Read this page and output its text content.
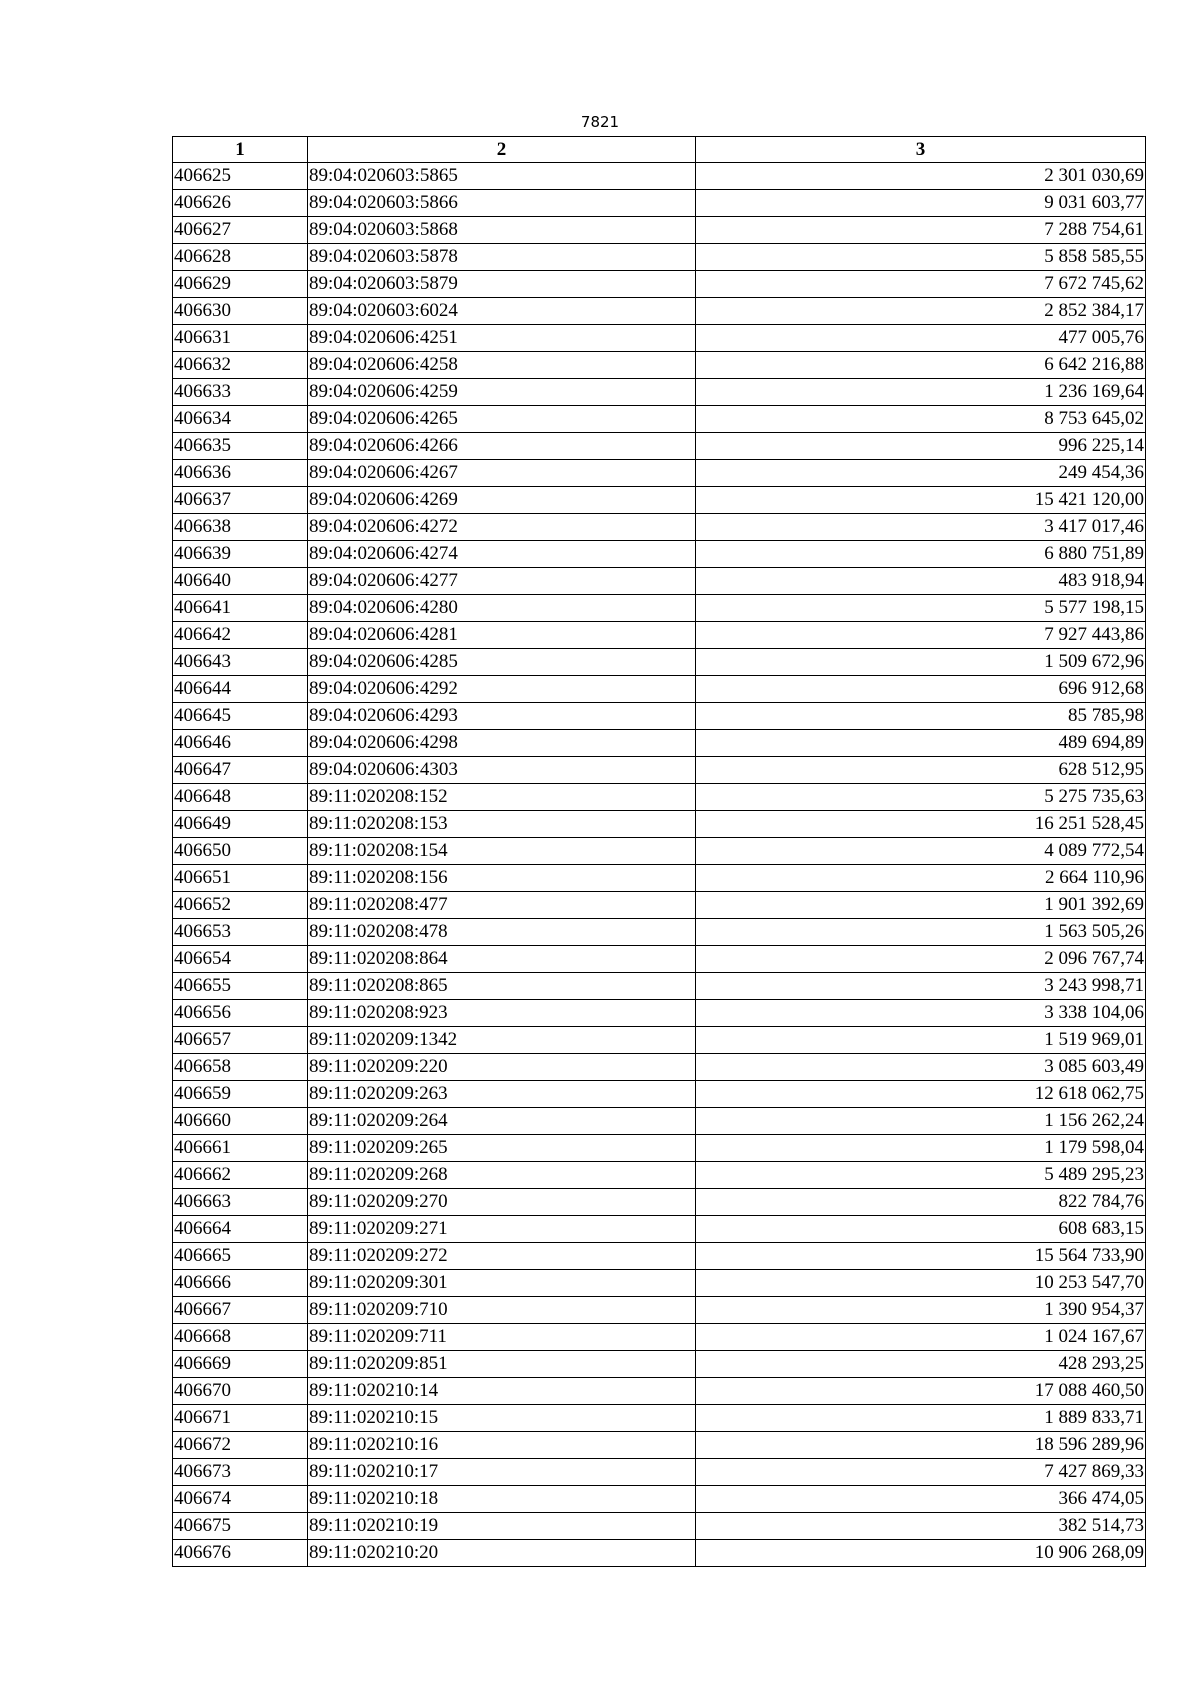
7821
1	2	3
406625	89:04:020603:5865	2 301 030,69
406626	89:04:020603:5866	9 031 603,77
406627	89:04:020603:5868	7 288 754,61
406628	89:04:020603:5878	5 858 585,55
406629	89:04:020603:5879	7 672 745,62
406630	89:04:020603:6024	2 852 384,17
406631	89:04:020606:4251	477 005,76
406632	89:04:020606:4258	6 642 216,88
406633	89:04:020606:4259	1 236 169,64
406634	89:04:020606:4265	8 753 645,02
406635	89:04:020606:4266	996 225,14
406636	89:04:020606:4267	249 454,36
406637	89:04:020606:4269	15 421 120,00
406638	89:04:020606:4272	3 417 017,46
406639	89:04:020606:4274	6 880 751,89
406640	89:04:020606:4277	483 918,94
406641	89:04:020606:4280	5 577 198,15
406642	89:04:020606:4281	7 927 443,86
406643	89:04:020606:4285	1 509 672,96
406644	89:04:020606:4292	696 912,68
406645	89:04:020606:4293	85 785,98
406646	89:04:020606:4298	489 694,89
406647	89:04:020606:4303	628 512,95
406648	89:11:020208:152	5 275 735,63
406649	89:11:020208:153	16 251 528,45
406650	89:11:020208:154	4 089 772,54
406651	89:11:020208:156	2 664 110,96
406652	89:11:020208:477	1 901 392,69
406653	89:11:020208:478	1 563 505,26
406654	89:11:020208:864	2 096 767,74
406655	89:11:020208:865	3 243 998,71
406656	89:11:020208:923	3 338 104,06
406657	89:11:020209:1342	1 519 969,01
406658	89:11:020209:220	3 085 603,49
406659	89:11:020209:263	12 618 062,75
406660	89:11:020209:264	1 156 262,24
406661	89:11:020209:265	1 179 598,04
406662	89:11:020209:268	5 489 295,23
406663	89:11:020209:270	822 784,76
406664	89:11:020209:271	608 683,15
406665	89:11:020209:272	15 564 733,90
406666	89:11:020209:301	10 253 547,70
406667	89:11:020209:710	1 390 954,37
406668	89:11:020209:711	1 024 167,67
406669	89:11:020209:851	428 293,25
406670	89:11:020210:14	17 088 460,50
406671	89:11:020210:15	1 889 833,71
406672	89:11:020210:16	18 596 289,96
406673	89:11:020210:17	7 427 869,33
406674	89:11:020210:18	366 474,05
406675	89:11:020210:19	382 514,73
406676	89:11:020210:20	10 906 268,09
